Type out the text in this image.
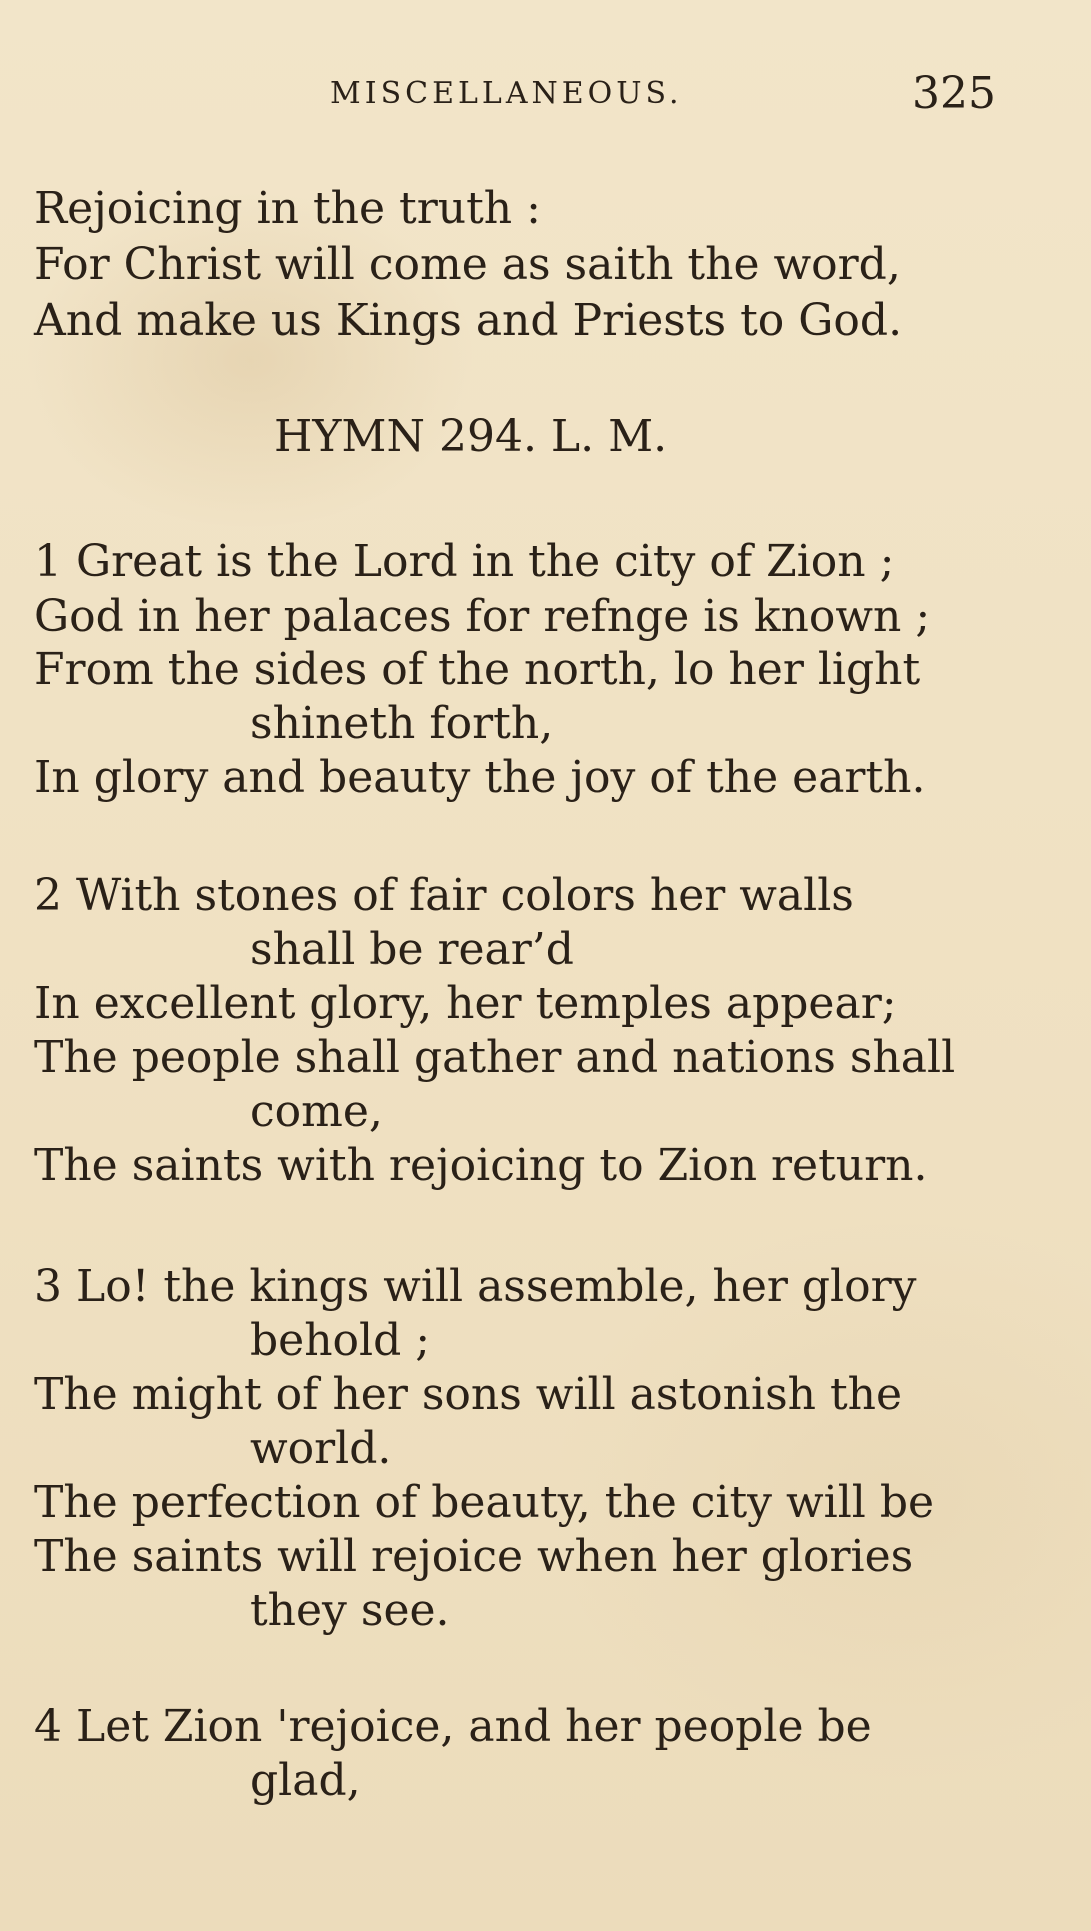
MISCELLANEOUS.	325
Rejoicing in the truth :
For Christ will come as saith the word,
And make us Kings and Priests to God.
HYMN 294. L. M.
1 Great is the Lord in the city of Zion ;
God in her palaces for refnge is known ;
From the sides of the north, lo her light
shineth forth,
In glory and beauty the joy of the earth.
2 With stones of fair colors her walls
shall be rear’d
In excellent glory, her temples appear;
The people shall gather and nations shall
come,
The saints with rejoicing to Zion return.
3 Lo! the kings will assemble, her glory
behold ;
The might of her sons will astonish the
world.
The perfection of beauty, the city will be
The saints will rejoice when her glories
they see.
4 Let Zion 'rejoice, and her people be
glad,
